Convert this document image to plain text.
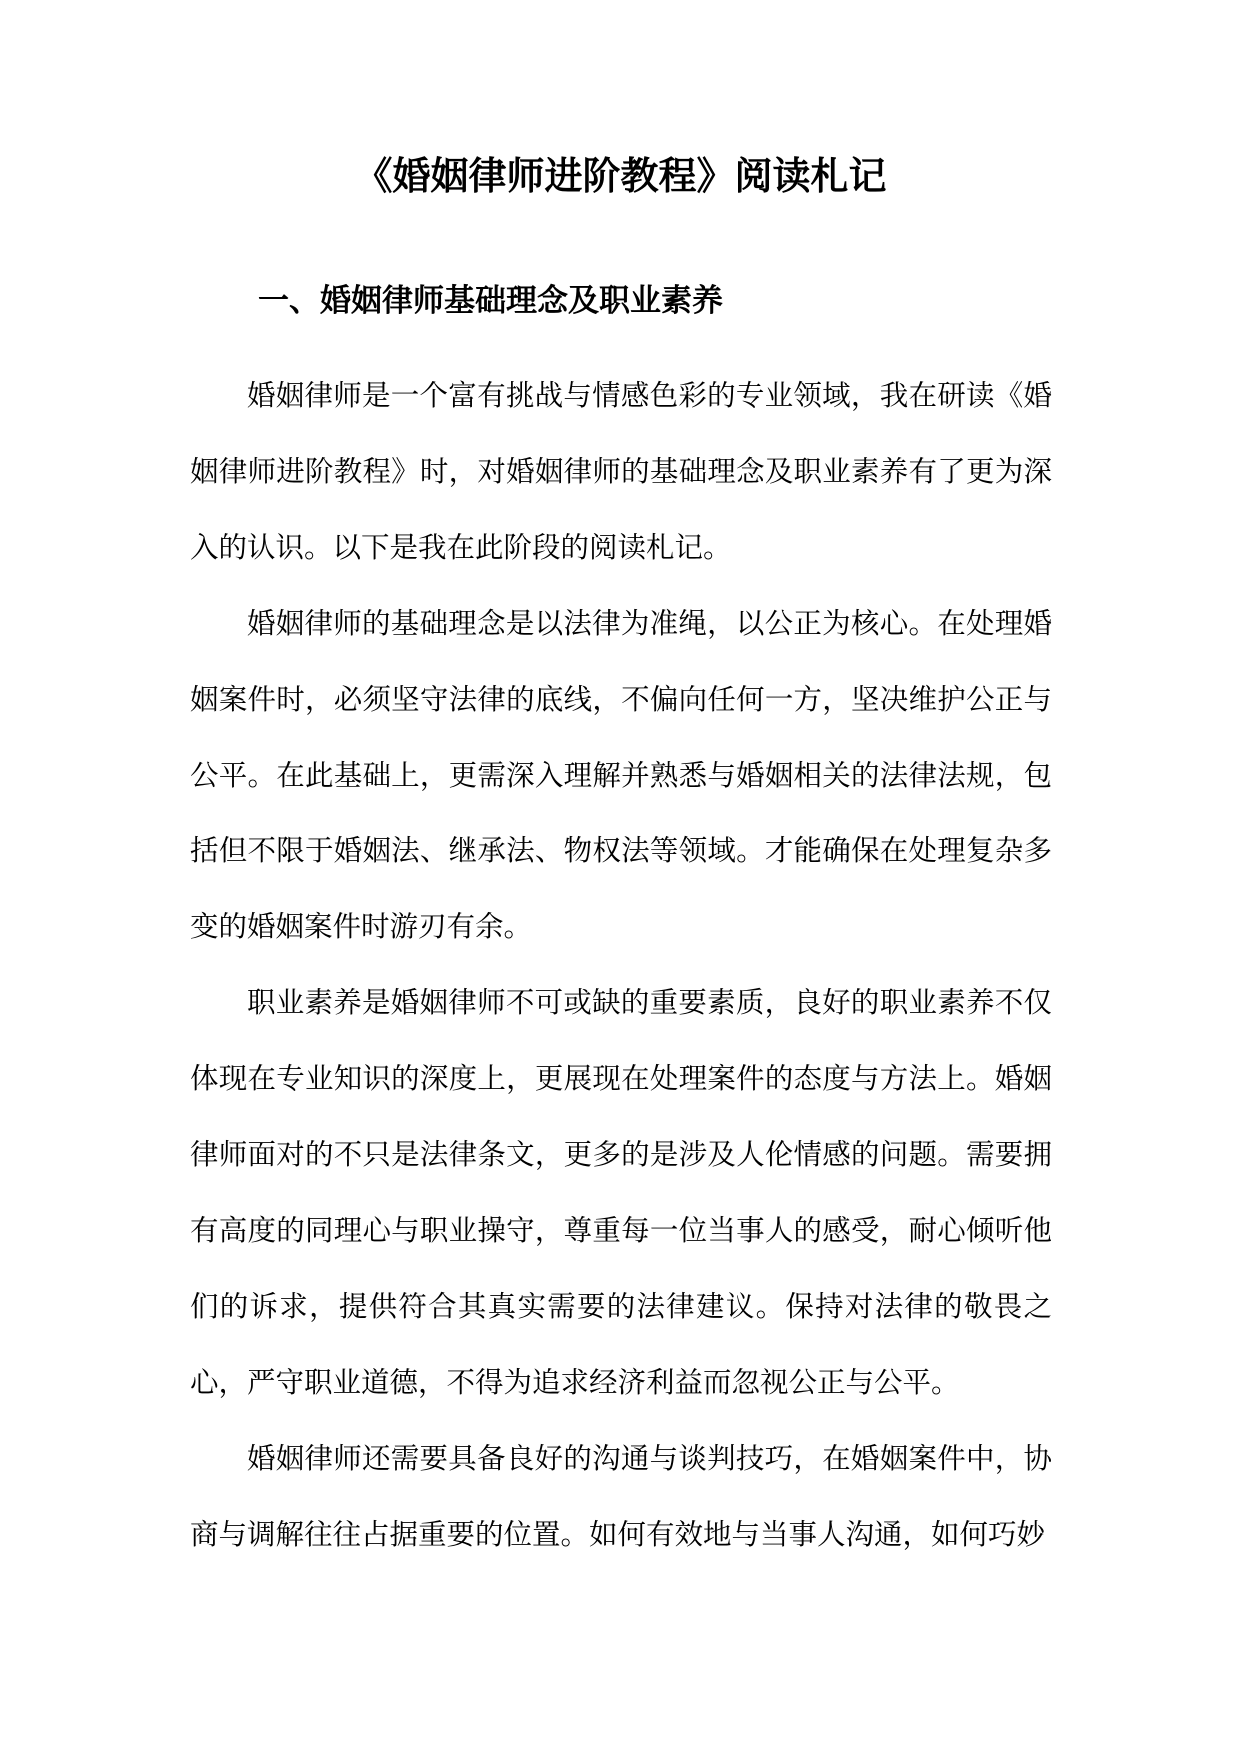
《婚姻律师进阶教程》阅读札记
一、婚姻律师基础理念及职业素养

婚姻律师是一个富有挑战与情感色彩的专业领域，我在研读《婚姻律师进阶教程》时，对婚姻律师的基础理念及职业素养有了更为深入的认识。以下是我在此阶段的阅读札记。

婚姻律师的基础理念是以法律为准绳，以公正为核心。在处理婚姻案件时，必须坚守法律的底线，不偏向任何一方，坚决维护公正与公平。在此基础上，更需深入理解并熟悉与婚姻相关的法律法规，包括但不限于婚姻法、继承法、物权法等领域。才能确保在处理复杂多变的婚姻案件时游刃有余。

职业素养是婚姻律师不可或缺的重要素质，良好的职业素养不仅体现在专业知识的深度上，更展现在处理案件的态度与方法上。婚姻律师面对的不只是法律条文，更多的是涉及人伦情感的问题。需要拥有高度的同理心与职业操守，尊重每一位当事人的感受，耐心倾听他们的诉求，提供符合其真实需要的法律建议。保持对法律的敬畏之心，严守职业道德，不得为追求经济利益而忽视公正与公平。

婚姻律师还需要具备良好的沟通与谈判技巧，在婚姻案件中，协商与调解往往占据重要的位置。如何有效地与当事人沟通，如何巧妙
